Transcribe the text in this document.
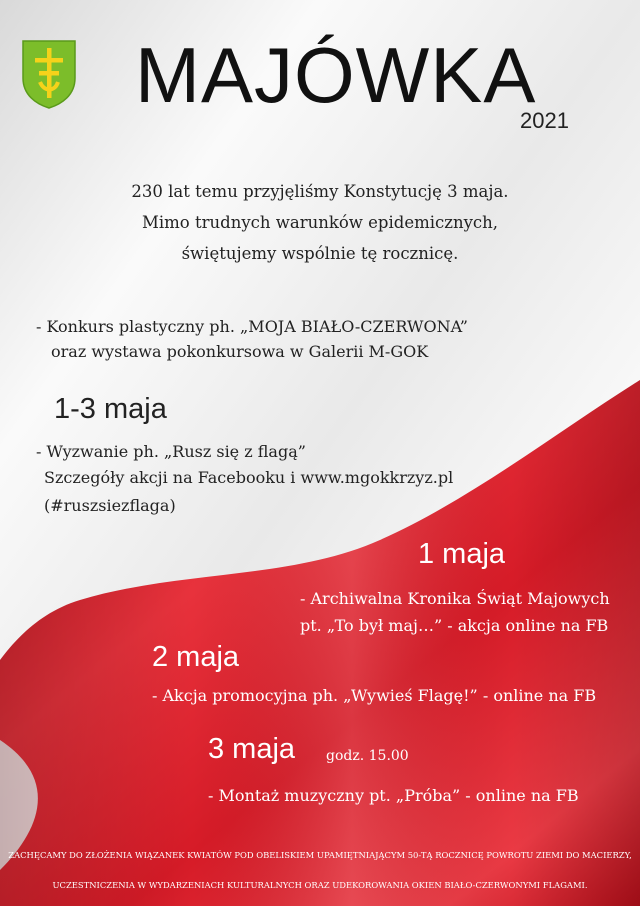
MAJÓWKA
2021
230 lat temu przyjęliśmy Konstytucję 3 maja.
Mimo trudnych warunków epidemicznych,
świętujemy wspólnie tę rocznicę.
- Konkurs plastyczny ph. „MOJA BIAŁO-CZERWONA”
oraz wystawa pokonkursowa w Galerii M-GOK
1-3 maja
- Wyzwanie ph. „Rusz się z flagą”
Szczegóły akcji na Facebooku i www.mgokkrzyz.pl
(#ruszsiezflaga)
1 maja
- Archiwalna Kronika Świąt Majowych
pt. „To był maj…” - akcja online na FB
2 maja
- Akcja promocyjna ph. „Wywieś Flagę!” - online na FB
3 maja godz. 15.00
- Montaż muzyczny pt. „Próba” - online na FB
ZACHĘCAMY DO ZŁOŻENIA WIĄZANEK KWIATÓW POD OBELISKIEM UPAMIĘTNIAJĄCYM 50-TĄ ROCZNICĘ POWROTU ZIEMI DO MACIERZY,
UCZESTNICZENIA W WYDARZENIACH KULTURALNYCH ORAZ UDEKOROWANIA OKIEN BIAŁO-CZERWONYMI FLAGAMI.
